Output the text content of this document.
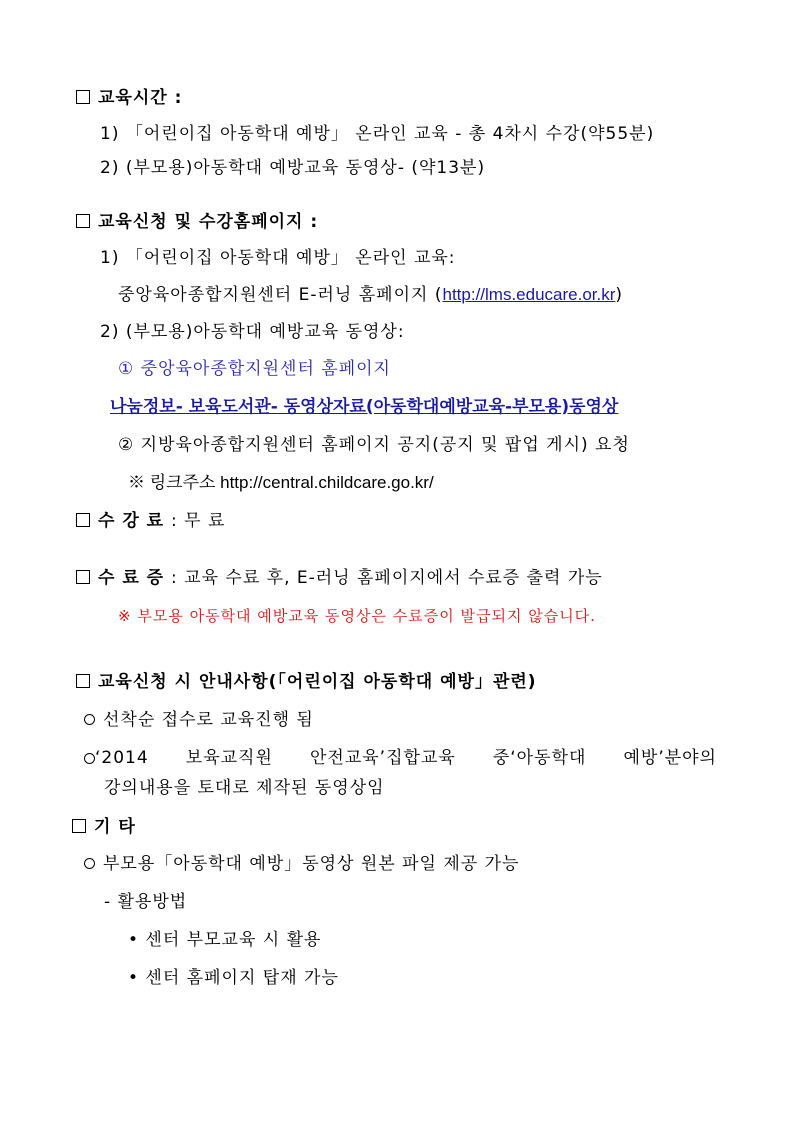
교육시간 :
1) 「어린이집 아동학대 예방」 온라인 교육 - 총 4차시 수강(약55분)
2) (부모용)아동학대 예방교육 동영상- (약13분)
교육신청 및 수강홈페이지 :
1) 「어린이집 아동학대 예방」 온라인 교육:
중앙육아종합지원센터 E-러닝 홈페이지 (http://lms.educare.or.kr)
2) (부모용)아동학대 예방교육 동영상:
① 중앙육아종합지원센터 홈페이지
나눔정보- 보육도서관- 동영상자료(아동학대예방교육-부모용)동영상
② 지방육아종합지원센터 홈페이지 공지(공지 및 팝업 게시) 요청
※ 링크주소 http://central.childcare.go.kr/
수 강 료 : 무 료
수 료 증 : 교육 수료 후, E-러닝 홈페이지에서 수료증 출력 가능
※ 부모용 아동학대 예방교육 동영상은 수료증이 발급되지 않습니다.
교육신청 시 안내사항(「어린이집 아동학대 예방」관련)
선착순 접수로 교육진행 됨
‘2014 보육교직원 안전교육’집합교육 중‘아동학대 예방’분야의
강의내용을 토대로 제작된 동영상임
기 타
부모용「아동학대 예방」동영상 원본 파일 제공 가능
- 활용방법
• 센터 부모교육 시 활용
• 센터 홈페이지 탑재 가능
